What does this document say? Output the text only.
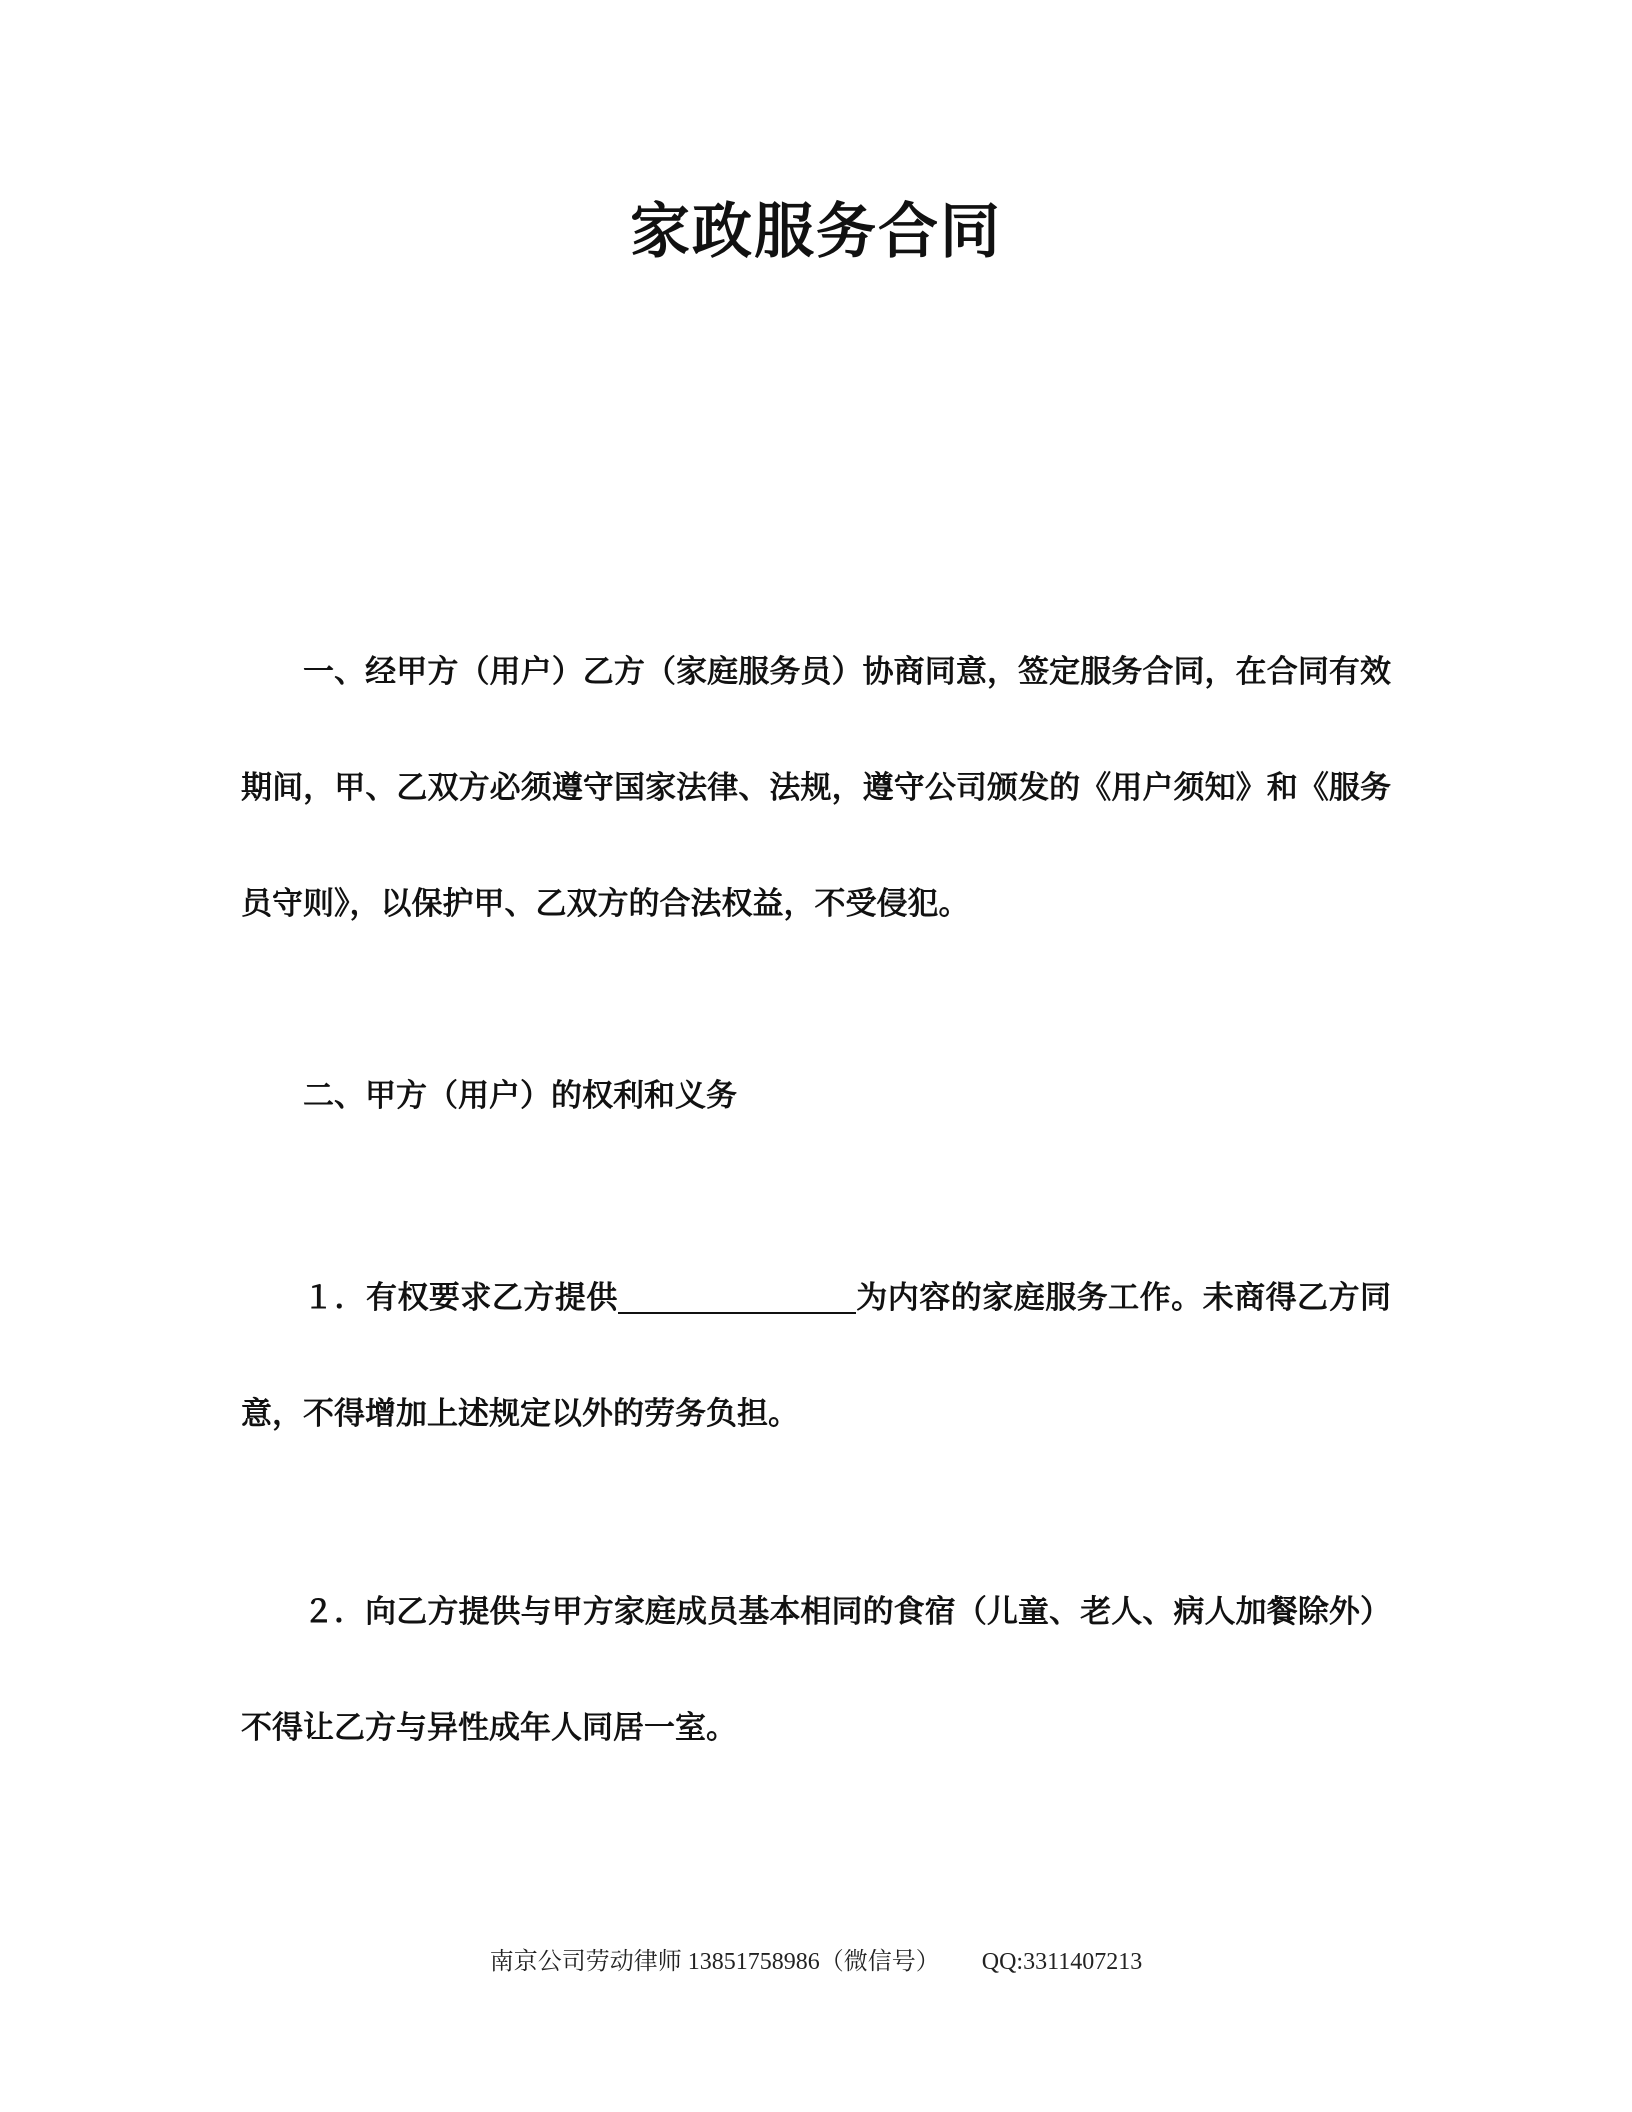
家政服务合同

一、经甲方（用户）乙方（家庭服务员）协商同意，签定服务合同，在合同有效期间，甲、乙双方必须遵守国家法律、法规，遵守公司颁发的《用户须知》和《服务员守则》，以保护甲、乙双方的合法权益，不受侵犯。

二、甲方（用户）的权利和义务

１．有权要求乙方提供	为内容的家庭服务工作。未商得乙方同意，不得增加上述规定以外的劳务负担。

２．向乙方提供与甲方家庭成员基本相同的食宿（儿童、老人、病人加餐除外）不得让乙方与异性成年人同居一室。

南京公司劳动律师 13851758986（微信号） QQ:3311407213
